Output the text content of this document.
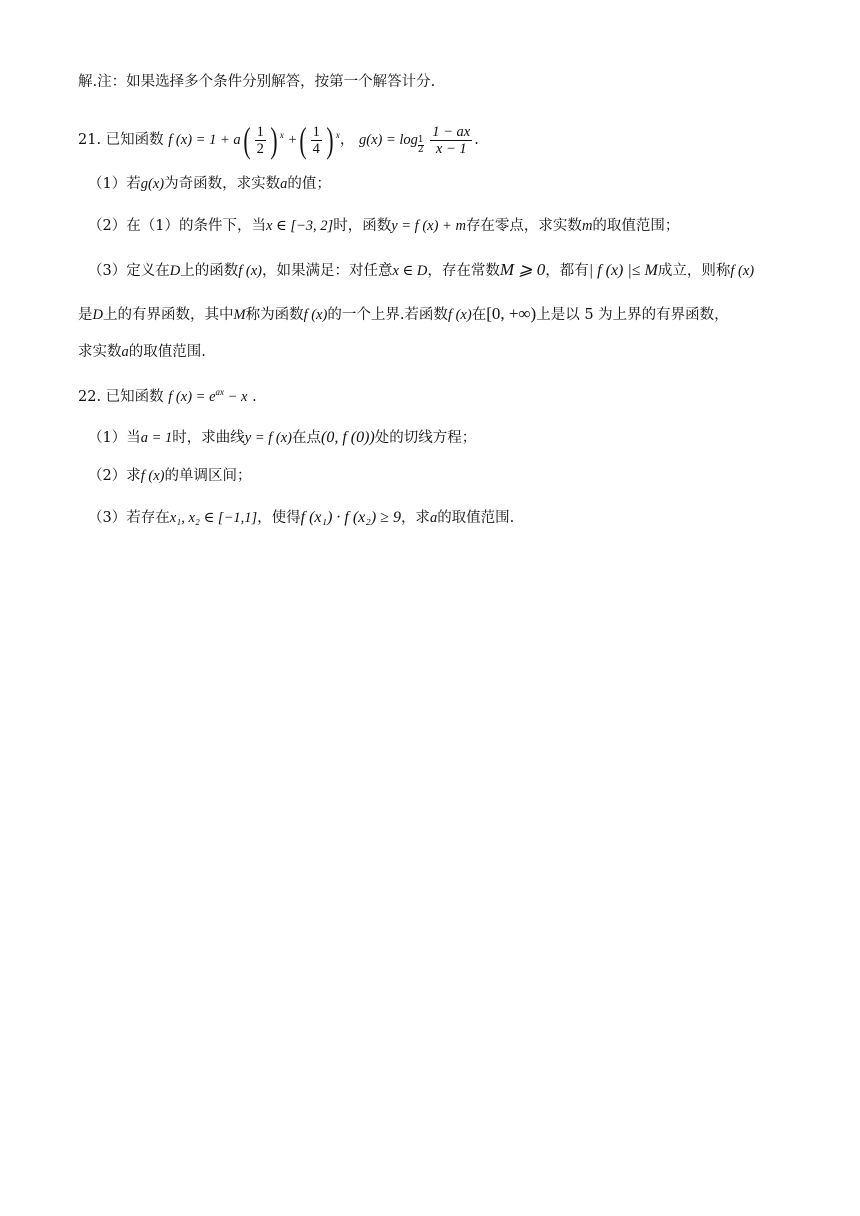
解.注：如果选择多个条件分别解答，按第一个解答计分.
21. 已知函数 f $(x) = 1 + a( \frac{1}{2}$ ) $^x$ +( $\frac{1}{4}$ ) $^x$， $g(x) = \log \frac{1}{2}$
$\frac{1 - ax}{x - 1}$ .
（1）若g(x)为奇函数，求实数a的值；
（2）在（1）的条件下，当x ∈ [−3, 2]时，函数y = f (x) + m存在零点，求实数m的取值范围；
（3）定义在D上的函数f (x)，如果满足：对任意x ∈ D，存在常数M ⩾ 0，都有| f (x) |≤ M成立，则称f (x)
是D上的有界函数，其中M称为函数f (x)的一个上界.若函数f (x)在[0, +∞)上是以 5 为上界的有界函数，
求实数a的取值范围.
22. 已知函数 f $(x) = e^{ax} - x$ .
（1）当a = 1时，求曲线y = f (x)在点(0, f (0))处的切线方程；
（2）求f (x)的单调区间；
（3）若存在x₁, x₂ ∈ [−1,1]，使得f (x₁) · f (x₂) ≥ 9，求a的取值范围.
